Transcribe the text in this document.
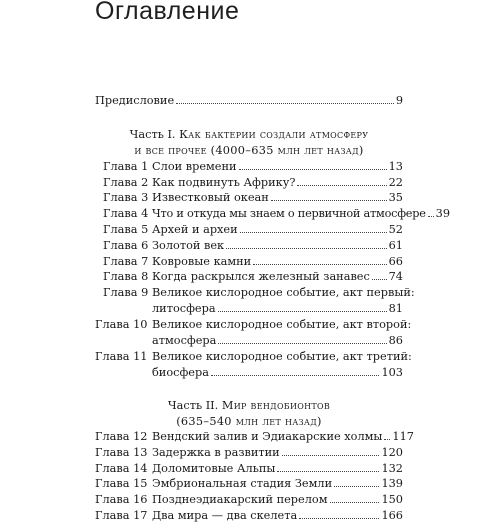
Оглавление
Предисловие	9
Часть I. Как бактерии создали атмосферу
и все прочее (4000–635 млн лет назад)
Глава 1 Слои времени	13
Глава 2 Как подвинуть Африку?	22
Глава 3 Известковый океан	35
Глава 4 Что и откуда мы знаем о первичной атмосфере 39
Глава 5 Архей и археи	52
Глава 6 Золотой век	61
Глава 7 Ковровые камни	66
Глава 8 Когда раскрылся железный занавес 74
Глава 9 Великое кислородное событие, акт первый:
литосфера	81
Глава 10 Великое кислородное событие, акт второй:
атмосфера	86
Глава 11 Великое кислородное событие, акт третий:
биосфера	103
Часть II. Мир вендобионтов
(635–540 млн лет назад)
Глава 12 Вендский залив и Эдиакарские холмы 117
Глава 13 Задержка в развитии	120
Глава 14 Доломитовые Альпы	132
Глава 15 Эмбриональная стадия Земли	139
Глава 16 Позднеэдиакарский перелом	150
Глава 17 Два мира — два скелета	166
